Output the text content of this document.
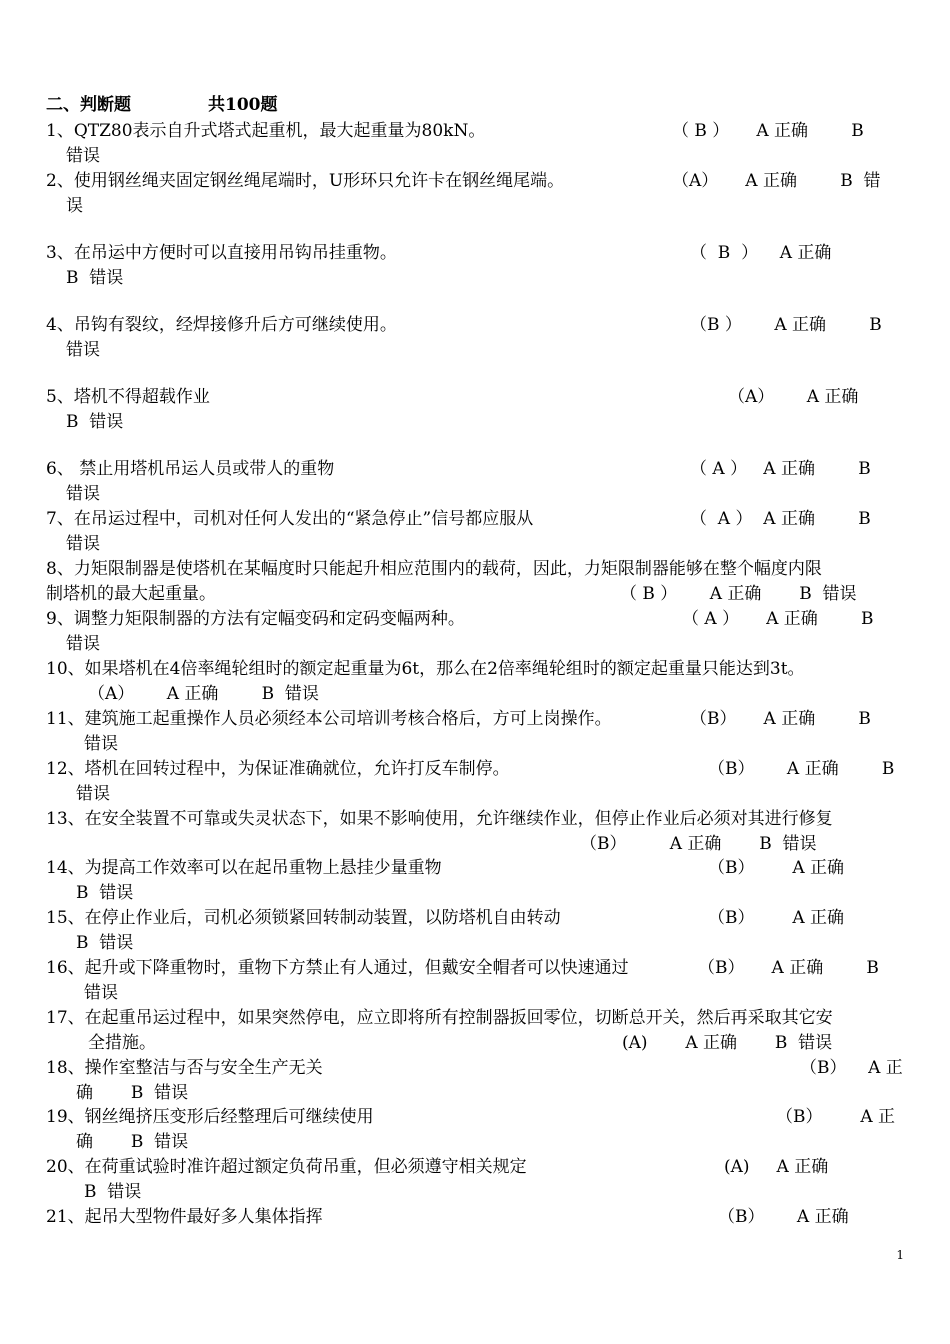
二、判断题	共100题
1、QTZ80表示自升式塔式起重机，最大起重量为80kN。	（ B ）     A 正确        B
错误
2、使用钢丝绳夹固定钢丝绳尾端时，U形环只允许卡在钢丝绳尾端。	（A）     A 正确        B  错
误
3、在吊运中方便时可以直接用吊钩吊挂重物。	（  B  ）    A 正确
B  错误
4、吊钩有裂纹，经焊接修升后方可继续使用。	（B ）      A 正确        B
错误
5、塔机不得超载作业	（A）      A 正确
B  错误
6、 禁止用塔机吊运人员或带人的重物	（ A ）   A 正确        B
错误
7、在吊运过程中，司机对任何人发出的“紧急停止”信号都应服从	（  A ）  A 正确        B
错误
8、力矩限制器是使塔机在某幅度时只能起升相应范围内的载荷，因此，力矩限制器能够在整个幅度内限
制塔机的最大起重量。	（ B ）      A 正确       B  错误
9、调整力矩限制器的方法有定幅变码和定码变幅两种。	（ A ）     A 正确        B
错误
10、如果塔机在4倍率绳轮组时的额定起重量为6t，那么在2倍率绳轮组时的额定起重量只能达到3t。
（A）      A 正确        B  错误
11、建筑施工起重操作人员必须经本公司培训考核合格后，方可上岗操作。	（B）     A 正确        B
错误
12、塔机在回转过程中，为保证准确就位，允许打反车制停。	（B）      A 正确        B
错误
13、在安全装置不可靠或失灵状态下，如果不影响使用，允许继续作业，但停止作业后必须对其进行修复
（B）        A 正确       B  错误
14、为提高工作效率可以在起吊重物上悬挂少量重物	（B）       A 正确
B  错误
15、在停止作业后，司机必须锁紧回转制动装置，以防塔机自由转动	（B）       A 正确
B  错误
16、起升或下降重物时，重物下方禁止有人通过，但戴安全帽者可以快速通过	（B）     A 正确        B
错误
17、在起重吊运过程中，如果突然停电，应立即将所有控制器扳回零位，切断总开关，然后再采取其它安
全措施。	(A)       A 正确       B  错误
18、操作室整洁与否与安全生产无关	（B）    A 正
确       B  错误
19、钢丝绳挤压变形后经整理后可继续使用	（B）       A 正
确       B  错误
20、在荷重试验时准许超过额定负荷吊重，但必须遵守相关规定	(A)     A 正确
B  错误
21、起吊大型物件最好多人集体指挥	（B）      A 正确
1
